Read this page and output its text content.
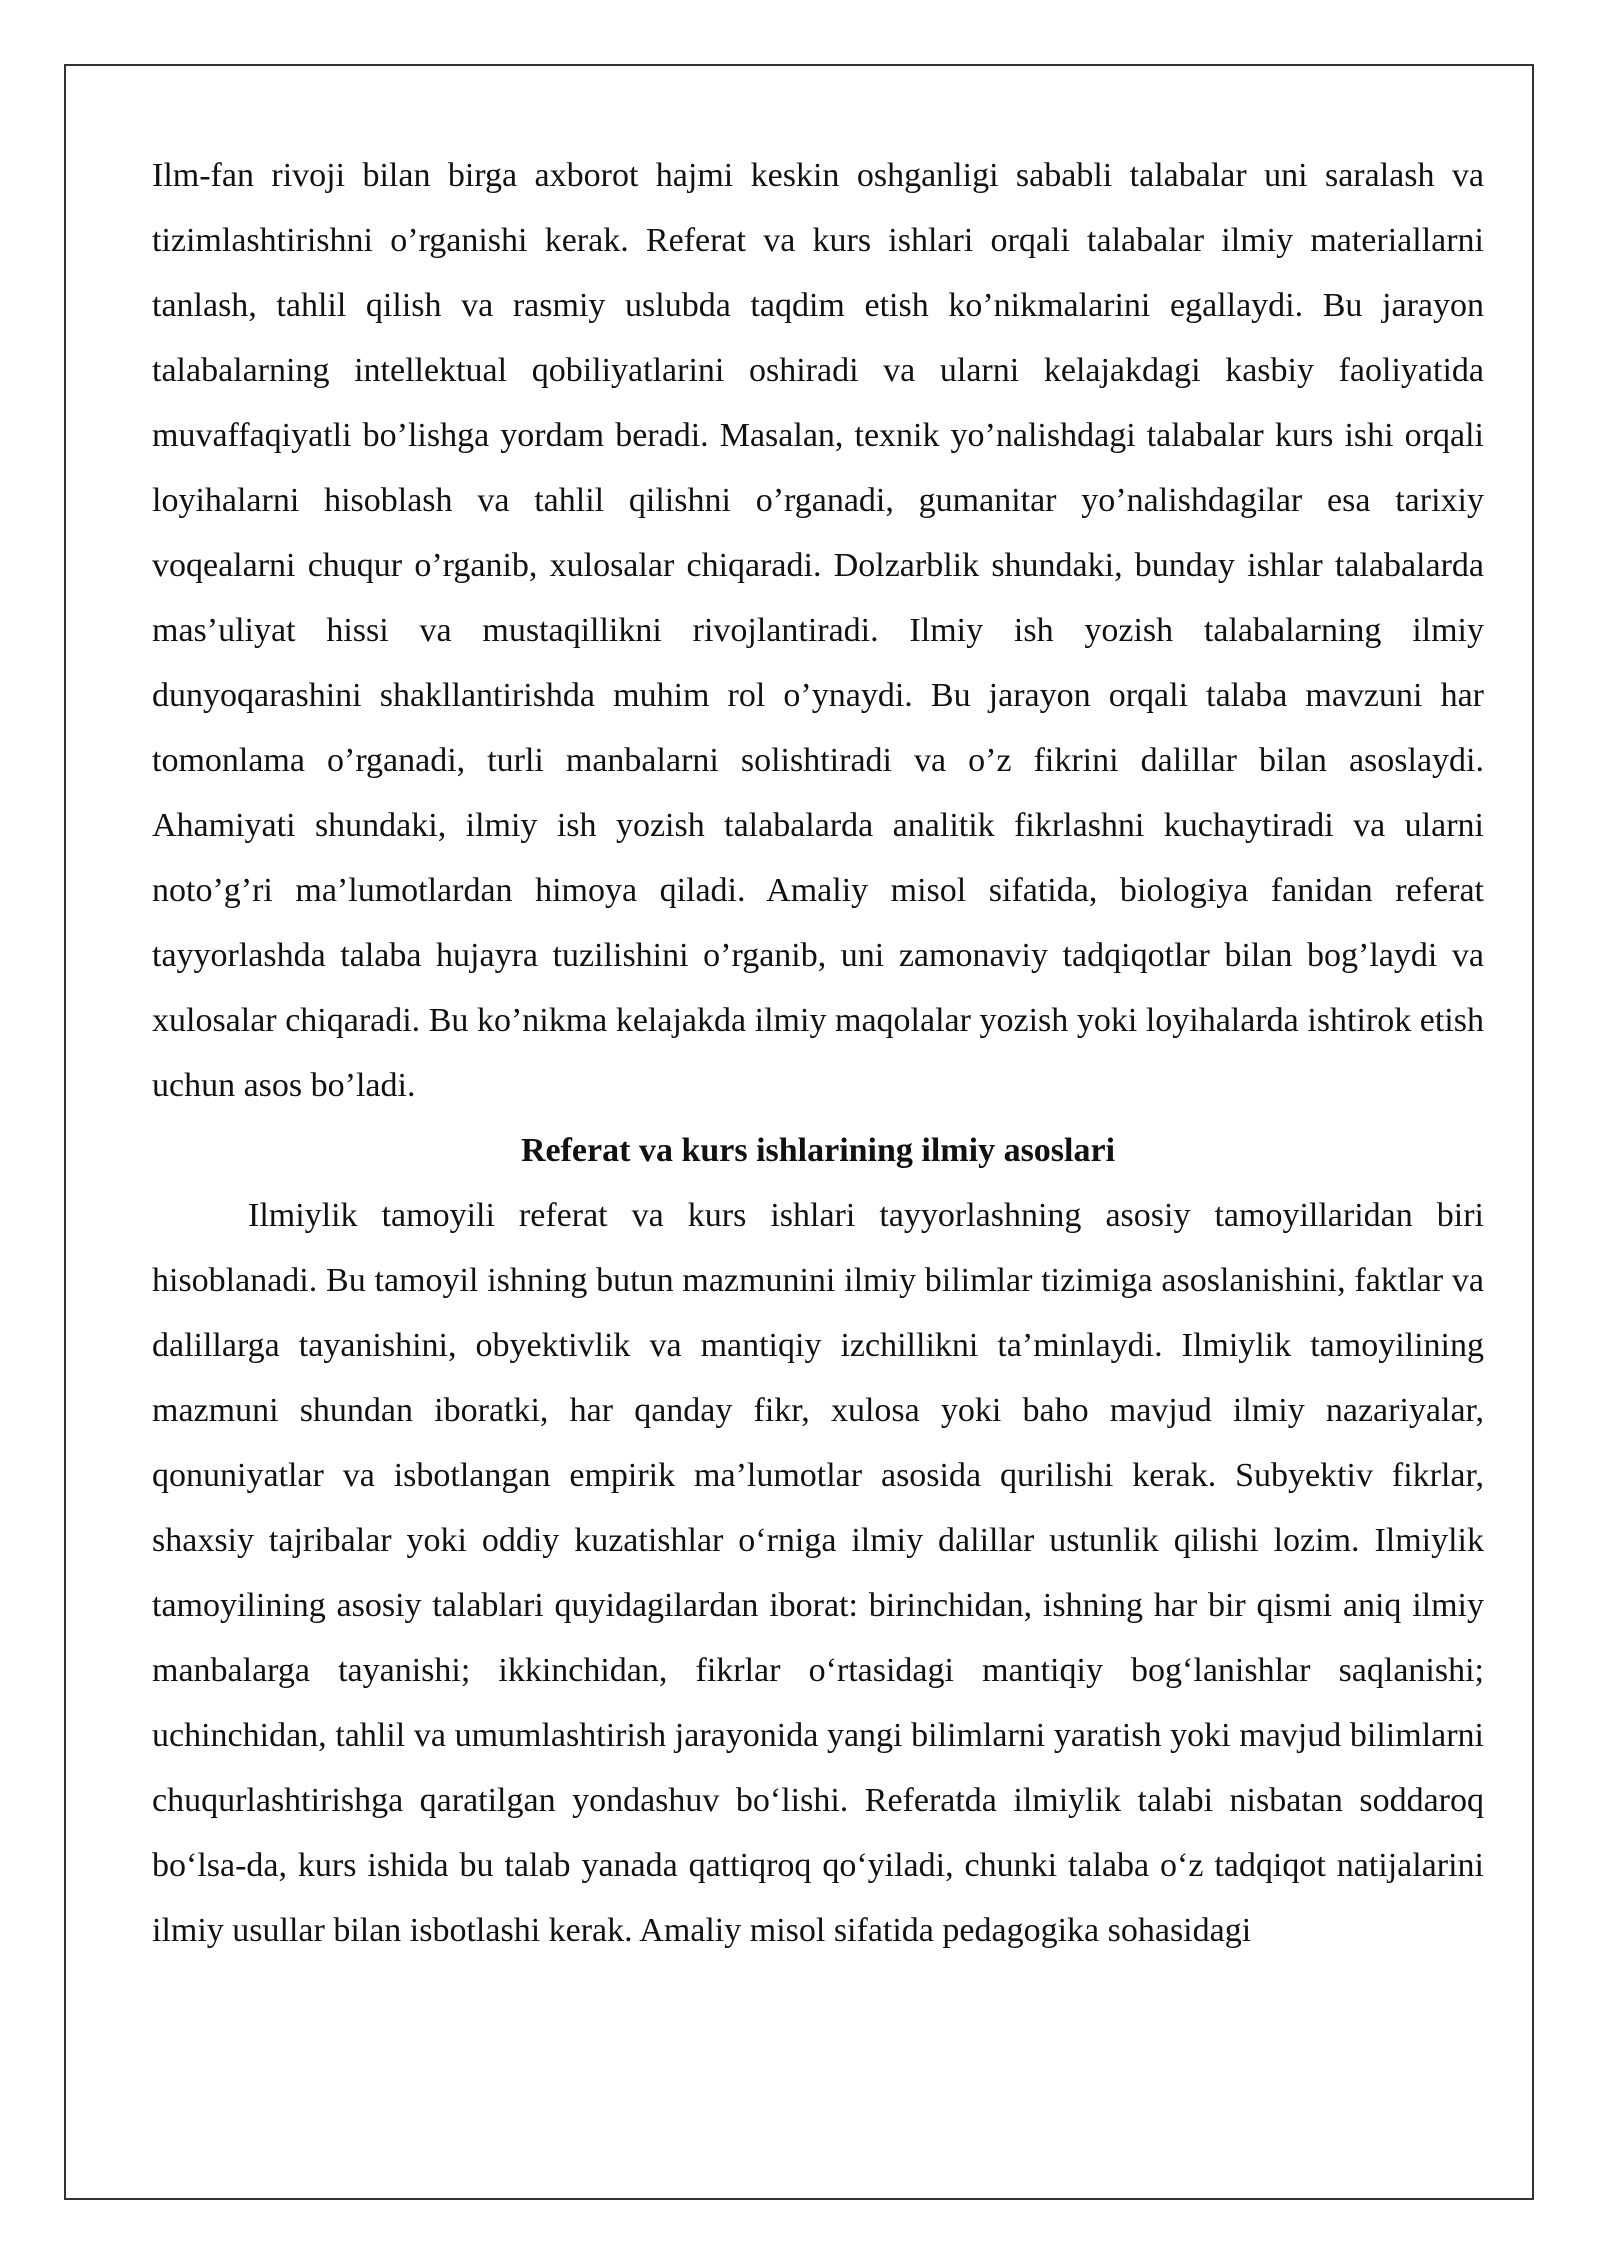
Ilm-fan rivoji bilan birga axborot hajmi keskin oshganligi sababli talabalar uni saralash va tizimlashtirishni o’rganishi kerak. Referat va kurs ishlari orqali talabalar ilmiy materiallarni tanlash, tahlil qilish va rasmiy uslubda taqdim etish ko’nikmalarini egallaydi. Bu jarayon talabalarning intellektual qobiliyatlarini oshiradi va ularni kelajakdagi kasbiy faoliyatida muvaffaqiyatli bo’lishga yordam beradi. Masalan, texnik yo’nalishdagi talabalar kurs ishi orqali loyihalarni hisoblash va tahlil qilishni o’rganadi, gumanitar yo’nalishdagilar esa tarixiy voqealarni chuqur o’rganib, xulosalar chiqaradi. Dolzarblik shundaki, bunday ishlar talabalarda mas’uliyat hissi va mustaqillikni rivojlantiradi. Ilmiy ish yozish talabalarning ilmiy dunyoqarashini shakllantirishda muhim rol o’ynaydi. Bu jarayon orqali talaba mavzuni har tomonlama o’rganadi, turli manbalarni solishtiradi va o’z fikrini dalillar bilan asoslaydi. Ahamiyati shundaki, ilmiy ish yozish talabalarda analitik fikrlashni kuchaytiradi va ularni noto’g’ri ma’lumotlardan himoya qiladi. Amaliy misol sifatida, biologiya fanidan referat tayyorlashda talaba hujayra tuzilishini o’rganib, uni zamonaviy tadqiqotlar bilan bog’laydi va xulosalar chiqaradi. Bu ko’nikma kelajakda ilmiy maqolalar yozish yoki loyihalarda ishtirok etish uchun asos bo’ladi.

Referat va kurs ishlarining ilmiy asoslari

Ilmiylik tamoyili referat va kurs ishlari tayyorlashning asosiy tamoyillaridan biri hisoblanadi. Bu tamoyil ishning butun mazmunini ilmiy bilimlar tizimiga asoslanishini, faktlar va dalillarga tayanishini, obyektivlik va mantiqiy izchillikni ta’minlaydi. Ilmiylik tamoyilining mazmuni shundan iboratki, har qanday fikr, xulosa yoki baho mavjud ilmiy nazariyalar, qonuniyatlar va isbotlangan empirik ma’lumotlar asosida qurilishi kerak. Subyektiv fikrlar, shaxsiy tajribalar yoki oddiy kuzatishlar o‘rniga ilmiy dalillar ustunlik qilishi lozim. Ilmiylik tamoyilining asosiy talablari quyidagilardan iborat: birinchidan, ishning har bir qismi aniq ilmiy manbalarga tayanishi; ikkinchidan, fikrlar o‘rtasidagi mantiqiy bog‘lanishlar saqlanishi; uchinchidan, tahlil va umumlashtirish jarayonida yangi bilimlarni yaratish yoki mavjud bilimlarni chuqurlashtirishga qaratilgan yondashuv bo‘lishi. Referatda ilmiylik talabi nisbatan soddaroq bo‘lsa-da, kurs ishida bu talab yanada qattiqroq qo‘yiladi, chunki talaba o‘z tadqiqot natijalarini ilmiy usullar bilan isbotlashi kerak. Amaliy misol sifatida pedagogika sohasidagi
